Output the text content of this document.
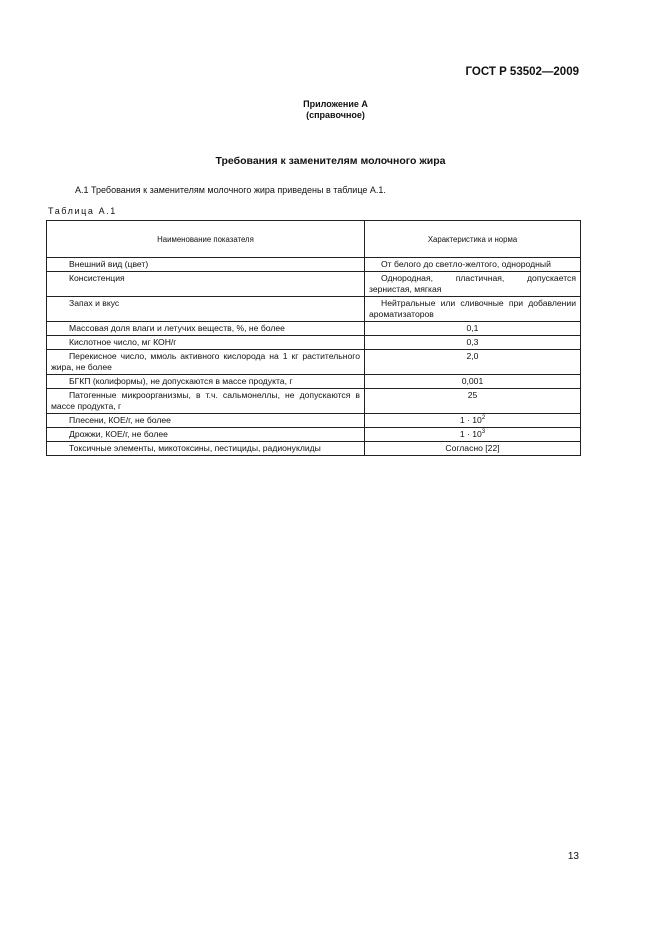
ГОСТ Р 53502—2009
Приложение А
(справочное)
Требования к заменителям молочного жира
А.1 Требования к заменителям молочного жира приведены в таблице А.1.
Таблица А.1
Наименование показателя	Характеристика и норма
Внешний вид (цвет)	От белого до светло-желтого, однородный
Консистенция	Однородная, пластичная, допускается зернистая, мягкая
Запах и вкус	Нейтральные или сливочные при добавлении ароматизаторов
Массовая доля влаги и летучих веществ, %, не более	0,1
Кислотное число, мг КОН/г	0,3
Перекисное число, ммоль активного кислорода на 1 кг растительного жира, не более	2,0
БГКП (колиформы), не допускаются в массе продукта, г	0,001
Патогенные микроорганизмы, в т.ч. сальмонеллы, не допускаются в массе продукта, г	25
Плесени, КОЕ/г, не более	$1 \cdot 10^2$
Дрожжи, КОЕ/г, не более	$1 \cdot 10^3$
Токсичные элементы, микотоксины, пестициды, радионуклиды	Согласно [22]
13
